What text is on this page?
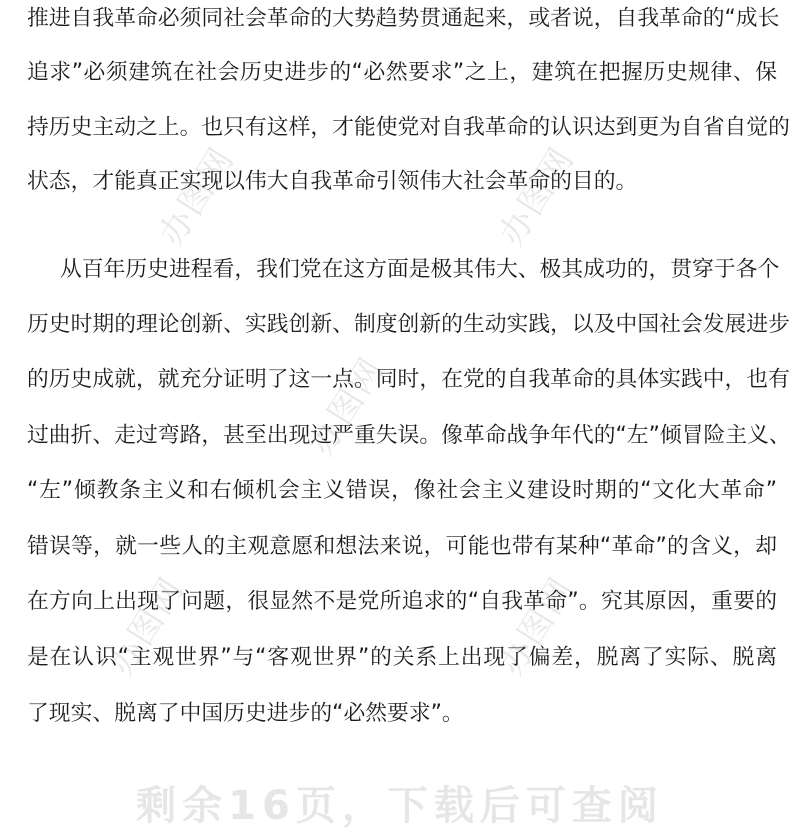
办图网	办图网
办图网
办图网	办图网
推进自我革命必须同社会革命的大势趋势贯通起来，或者说，自我革命的“成长
追求”必须建筑在社会历史进步的“必然要求”之上，建筑在把握历史规律、保
持历史主动之上。也只有这样，才能使党对自我革命的认识达到更为自省自觉的
状态，才能真正实现以伟大自我革命引领伟大社会革命的目的。
从百年历史进程看，我们党在这方面是极其伟大、极其成功的，贯穿于各个
历史时期的理论创新、实践创新、制度创新的生动实践，以及中国社会发展进步
的历史成就，就充分证明了这一点。同时，在党的自我革命的具体实践中，也有
过曲折、走过弯路，甚至出现过严重失误。像革命战争年代的“左”倾冒险主义、
“左”倾教条主义和右倾机会主义错误，像社会主义建设时期的“文化大革命”
错误等，就一些人的主观意愿和想法来说，可能也带有某种“革命”的含义，却
在方向上出现了问题，很显然不是党所追求的“自我革命”。究其原因，重要的
是在认识“主观世界”与“客观世界”的关系上出现了偏差，脱离了实际、脱离
了现实、脱离了中国历史进步的“必然要求”。
剩余16页，下载后可查阅
